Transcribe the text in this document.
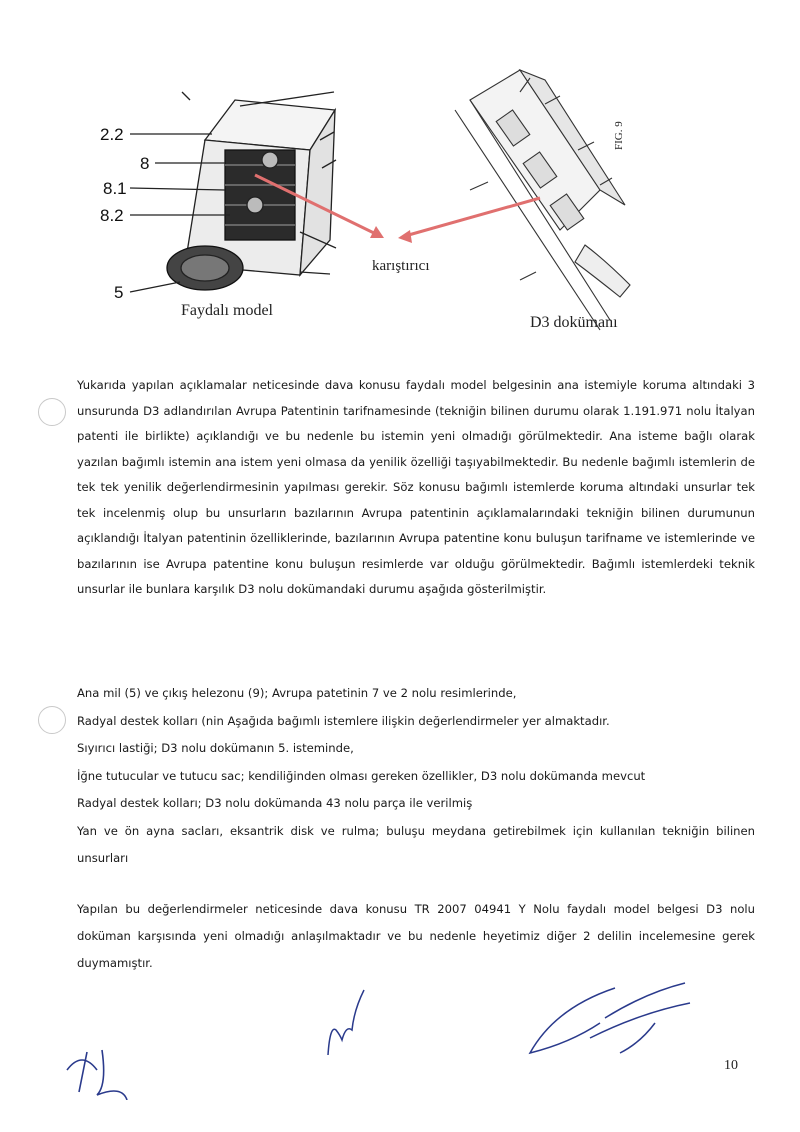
FIG. 9
2.2
8
8.1
8.2
5
karıştırıcı
Faydalı model
D3 dokümanı

Yukarıda yapılan açıklamalar neticesinde dava konusu faydalı model belgesinin ana istemiyle koruma altındaki 3 unsurunda D3 adlandırılan Avrupa Patentinin tarifnamesinde (tekniğin bilinen durumu olarak 1.191.971 nolu İtalyan patenti ile birlikte) açıklandığı ve bu nedenle bu istemin yeni olmadığı görülmektedir. Ana isteme bağlı olarak yazılan bağımlı istemin ana istem yeni olmasa da yenilik özelliği taşıyabilmektedir. Bu nedenle bağımlı istemlerin de tek tek yenilik değerlendirmesinin yapılması gerekir. Söz konusu bağımlı istemlerde koruma altındaki unsurlar tek tek incelenmiş olup bu unsurların bazılarının Avrupa patentinin açıklamalarındaki tekniğin bilinen durumunun açıklandığı İtalyan patentinin özelliklerinde, bazılarının Avrupa patentine konu buluşun tarifname ve istemlerinde ve bazılarının ise Avrupa patentine konu buluşun resimlerde var olduğu görülmektedir. Bağımlı istemlerdeki teknik unsurlar ile bunlara karşılık D3 nolu dokümandaki durumu aşağıda gösterilmiştir.

Ana mil (5) ve çıkış helezonu (9); Avrupa patetinin 7 ve 2 nolu resimlerinde,
Radyal destek kolları (nin Aşağıda bağımlı istemlere ilişkin değerlendirmeler yer almaktadır.
Sıyırıcı lastiği; D3 nolu dokümanın 5. isteminde,
İğne tutucular ve tutucu sac; kendiliğinden olması gereken özellikler, D3 nolu dokümanda mevcut
Radyal destek kolları; D3 nolu dokümanda 43 nolu parça ile verilmiş
Yan ve ön ayna sacları, eksantrik disk ve rulma; buluşu meydana getirebilmek için kullanılan tekniğin bilinen unsurları

Yapılan bu değerlendirmeler neticesinde dava konusu TR 2007 04941 Y Nolu faydalı model belgesi D3 nolu doküman karşısında yeni olmadığı anlaşılmaktadır ve bu nedenle heyetimiz diğer 2 delilin incelemesine gerek duymamıştır.

10
